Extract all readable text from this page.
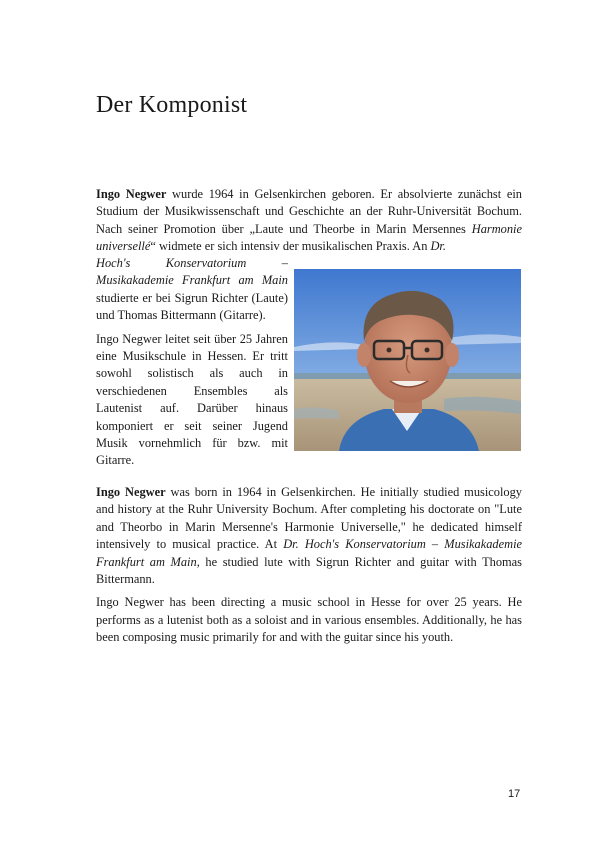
Der Komponist

Ingo Negwer wurde 1964 in Gelsenkirchen geboren. Er absolvierte zunächst ein Studium der Musikwissenschaft und Geschichte an der Ruhr-Universität Bochum. Nach seiner Promotion über „Laute und Theorbe in Marin Mersennes Harmonie universellé“ widmete er sich intensiv der musikalischen Praxis. An Dr.

Hoch's Konservatorium – Musikakademie Frankfurt am Main studierte er bei Sigrun Richter (Laute) und Thomas Bittermann (Gitarre).

Ingo Negwer leitet seit über 25 Jahren eine Musikschule in Hessen. Er tritt sowohl solistisch als auch in verschiedenen Ensembles als Lautenist auf. Darüber hinaus komponiert er seit seiner Jugend Musik vornehmlich für bzw. mit Gitarre.

Ingo Negwer was born in 1964 in Gelsenkirchen. He initially studied musicology and history at the Ruhr University Bochum. After completing his doctorate on "Lute and Theorbo in Marin Mersenne's Harmonie Universelle," he dedicated himself intensively to musical practice. At Dr. Hoch's Konservatorium – Musikakademie Frankfurt am Main, he studied lute with Sigrun Richter and guitar with Thomas Bittermann.

Ingo Negwer has been directing a music school in Hesse for over 25 years. He performs as a lutenist both as a soloist and in various ensembles. Additionally, he has been composing music primarily for and with the guitar since his youth.

17
